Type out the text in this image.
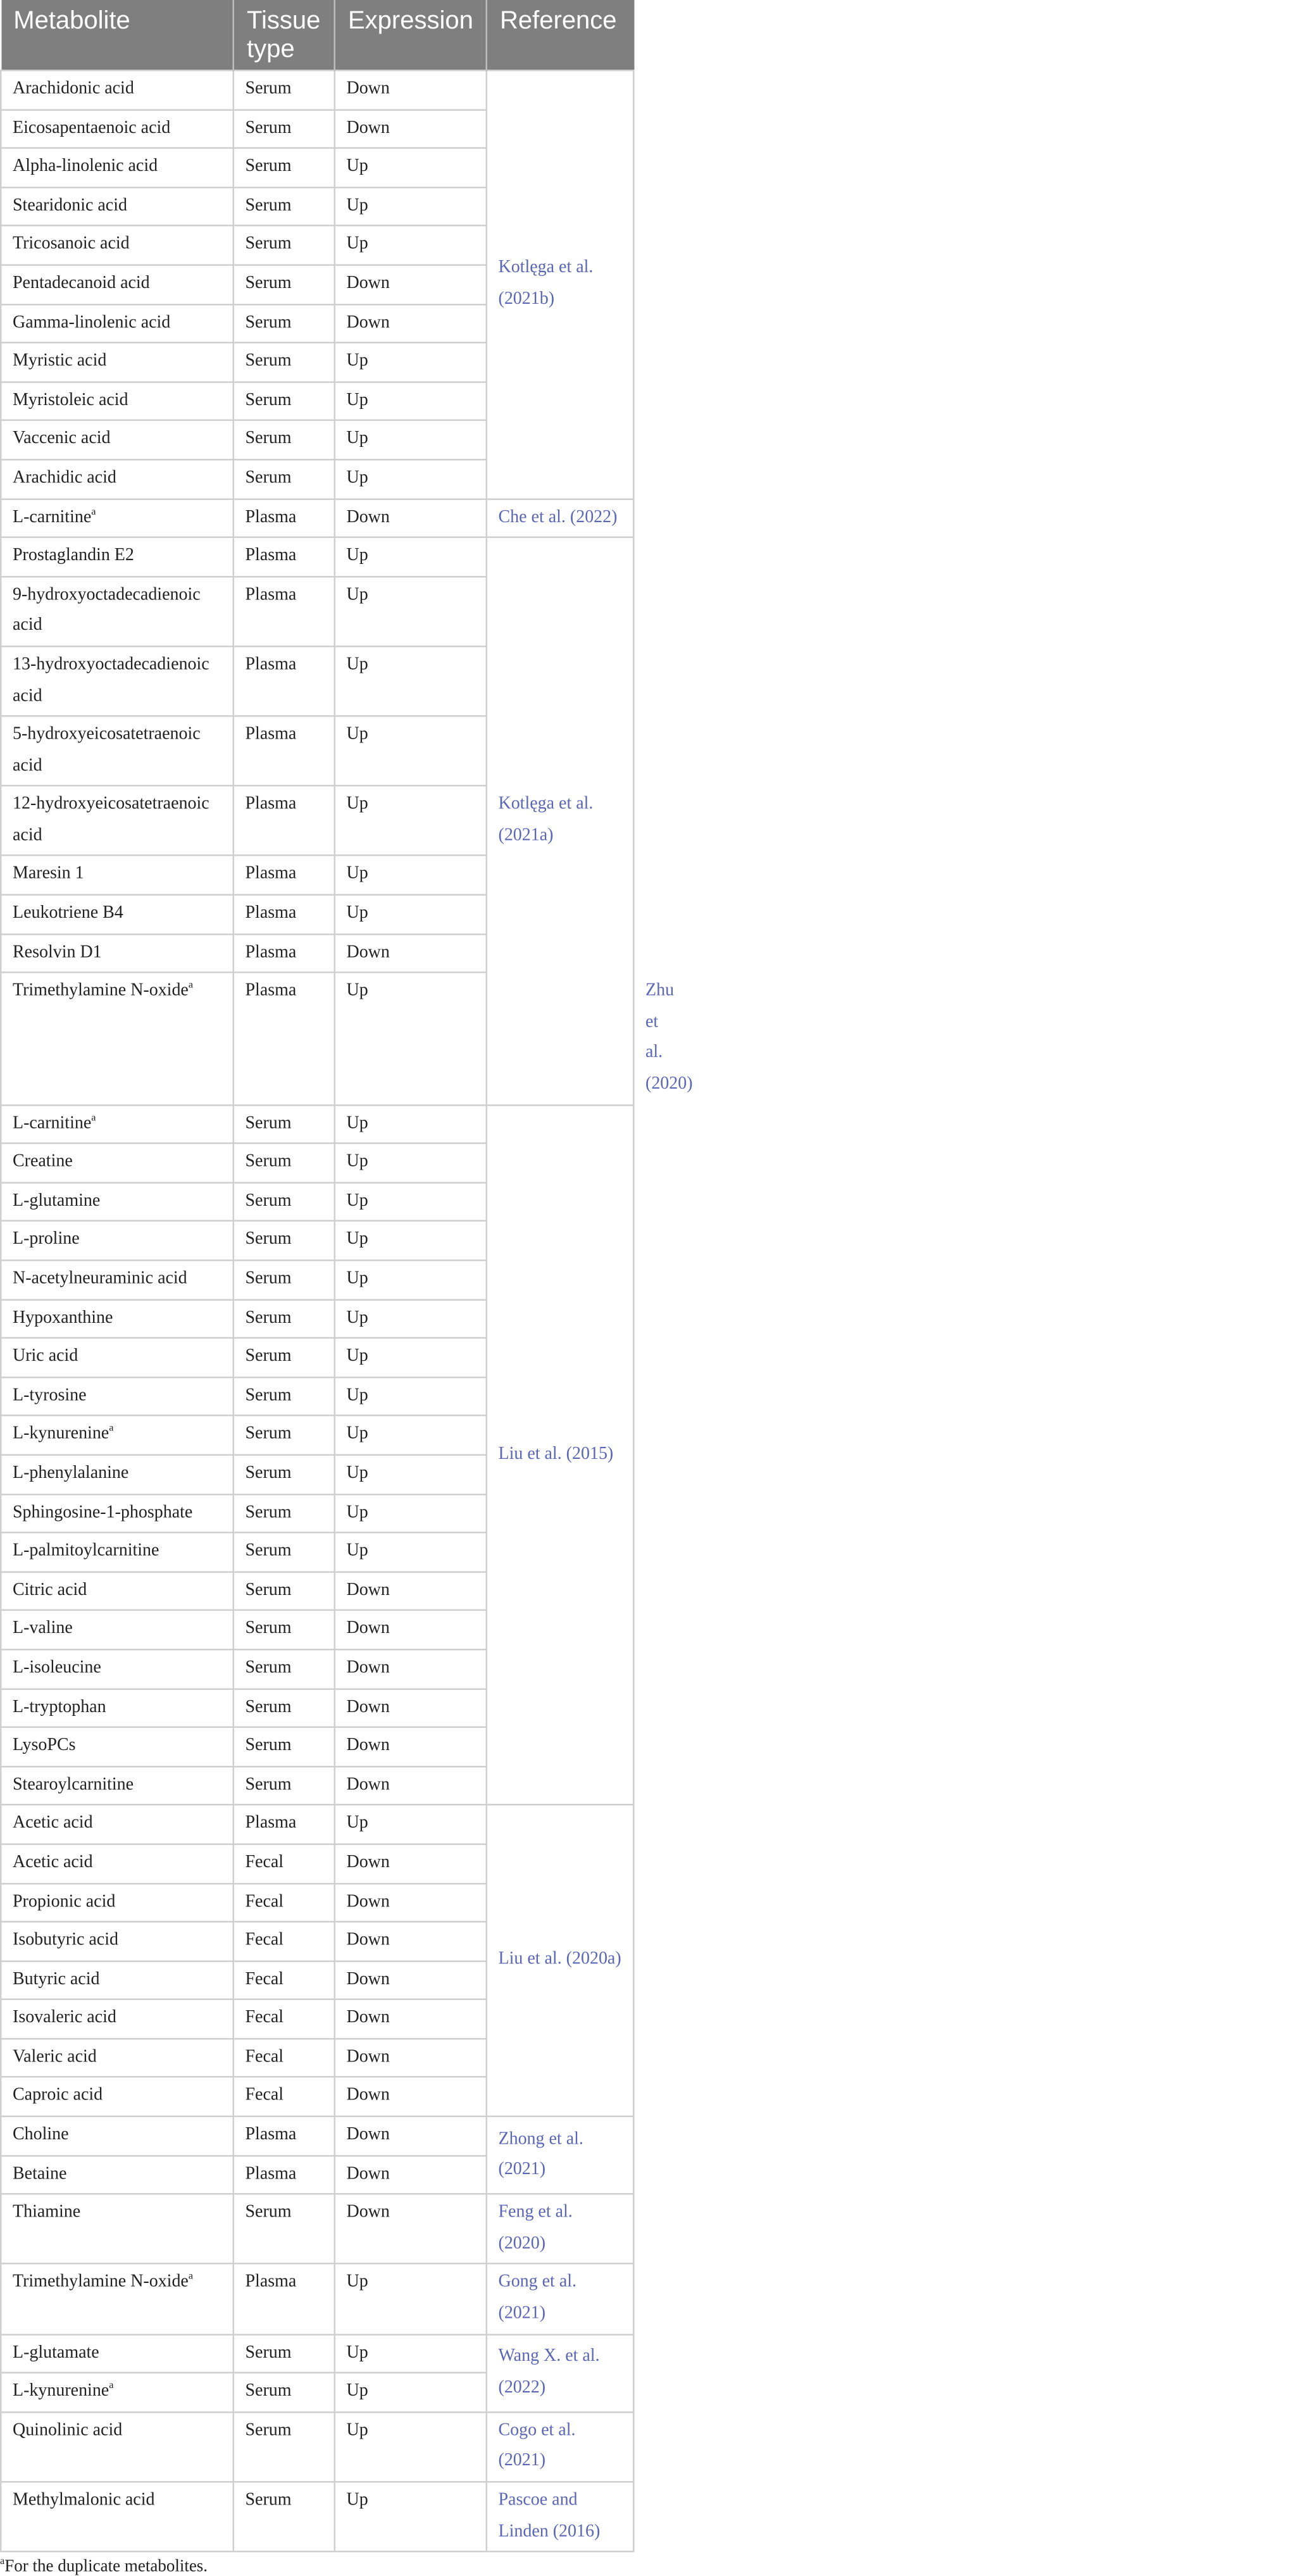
Metabolite	Tissue type	Expression	Reference	
Arachidonic acid	Serum	Down	Kotlęga et al. (2021b)	
Eicosapentaenoic acid	Serum	Down		
Alpha-linolenic acid	Serum	Up		
Stearidonic acid	Serum	Up		
Tricosanoic acid	Serum	Up		
Pentadecanoid acid	Serum	Down		
Gamma-linolenic acid	Serum	Down		
Myristic acid	Serum	Up		
Myristoleic acid	Serum	Up		
Vaccenic acid	Serum	Up		
Arachidic acid	Serum	Up		
L-carnitine$^a$	Plasma	Down	Che et al. (2022)	
Prostaglandin E2	Plasma	Up	Kotlęga et al. (2021a)	
9-hydroxyoctadecadienoic acid	Plasma	Up		
13-hydroxyoctadecadienoic acid	Plasma	Up		
5-hydroxyeicosatetraenoic acid	Plasma	Up		
12-hydroxyeicosatetraenoic acid	Plasma	Up		
Maresin 1	Plasma	Up		
Leukotriene B4	Plasma	Up		
Resolvin D1	Plasma	Down		
Trimethylamine N-oxide$^a$	Plasma	Up		Zhu et al. (2020)
L-carnitine$^a$	Serum	Up	Liu et al. (2015)	
Creatine	Serum	Up		
L-glutamine	Serum	Up		
L-proline	Serum	Up		
N-acetylneuraminic acid	Serum	Up		
Hypoxanthine	Serum	Up		
Uric acid	Serum	Up		
L-tyrosine	Serum	Up		
L-kynurenine$^a$	Serum	Up		
L-phenylalanine	Serum	Up		
Sphingosine-1-phosphate	Serum	Up		
L-palmitoylcarnitine	Serum	Up		
Citric acid	Serum	Down		
L-valine	Serum	Down		
L-isoleucine	Serum	Down		
L-tryptophan	Serum	Down		
LysoPCs	Serum	Down		
Stearoylcarnitine	Serum	Down		
Acetic acid	Plasma	Up	Liu et al. (2020a)	
Acetic acid	Fecal	Down		
Propionic acid	Fecal	Down		
Isobutyric acid	Fecal	Down		
Butyric acid	Fecal	Down		
Isovaleric acid	Fecal	Down		
Valeric acid	Fecal	Down		
Caproic acid	Fecal	Down		
Choline	Plasma	Down	Zhong et al. (2021)	
Betaine	Plasma	Down		
Thiamine	Serum	Down	Feng et al. (2020)	
Trimethylamine N-oxide$^a$	Plasma	Up	Gong et al. (2021)	
L-glutamate	Serum	Up	Wang X. et al. (2022)	
L-kynurenine$^a$	Serum	Up		
Quinolinic acid	Serum	Up	Cogo et al. (2021)	
Methylmalonic acid	Serum	Up	Pascoe and Linden (2016)	
$^a$For the duplicate metabolites.
